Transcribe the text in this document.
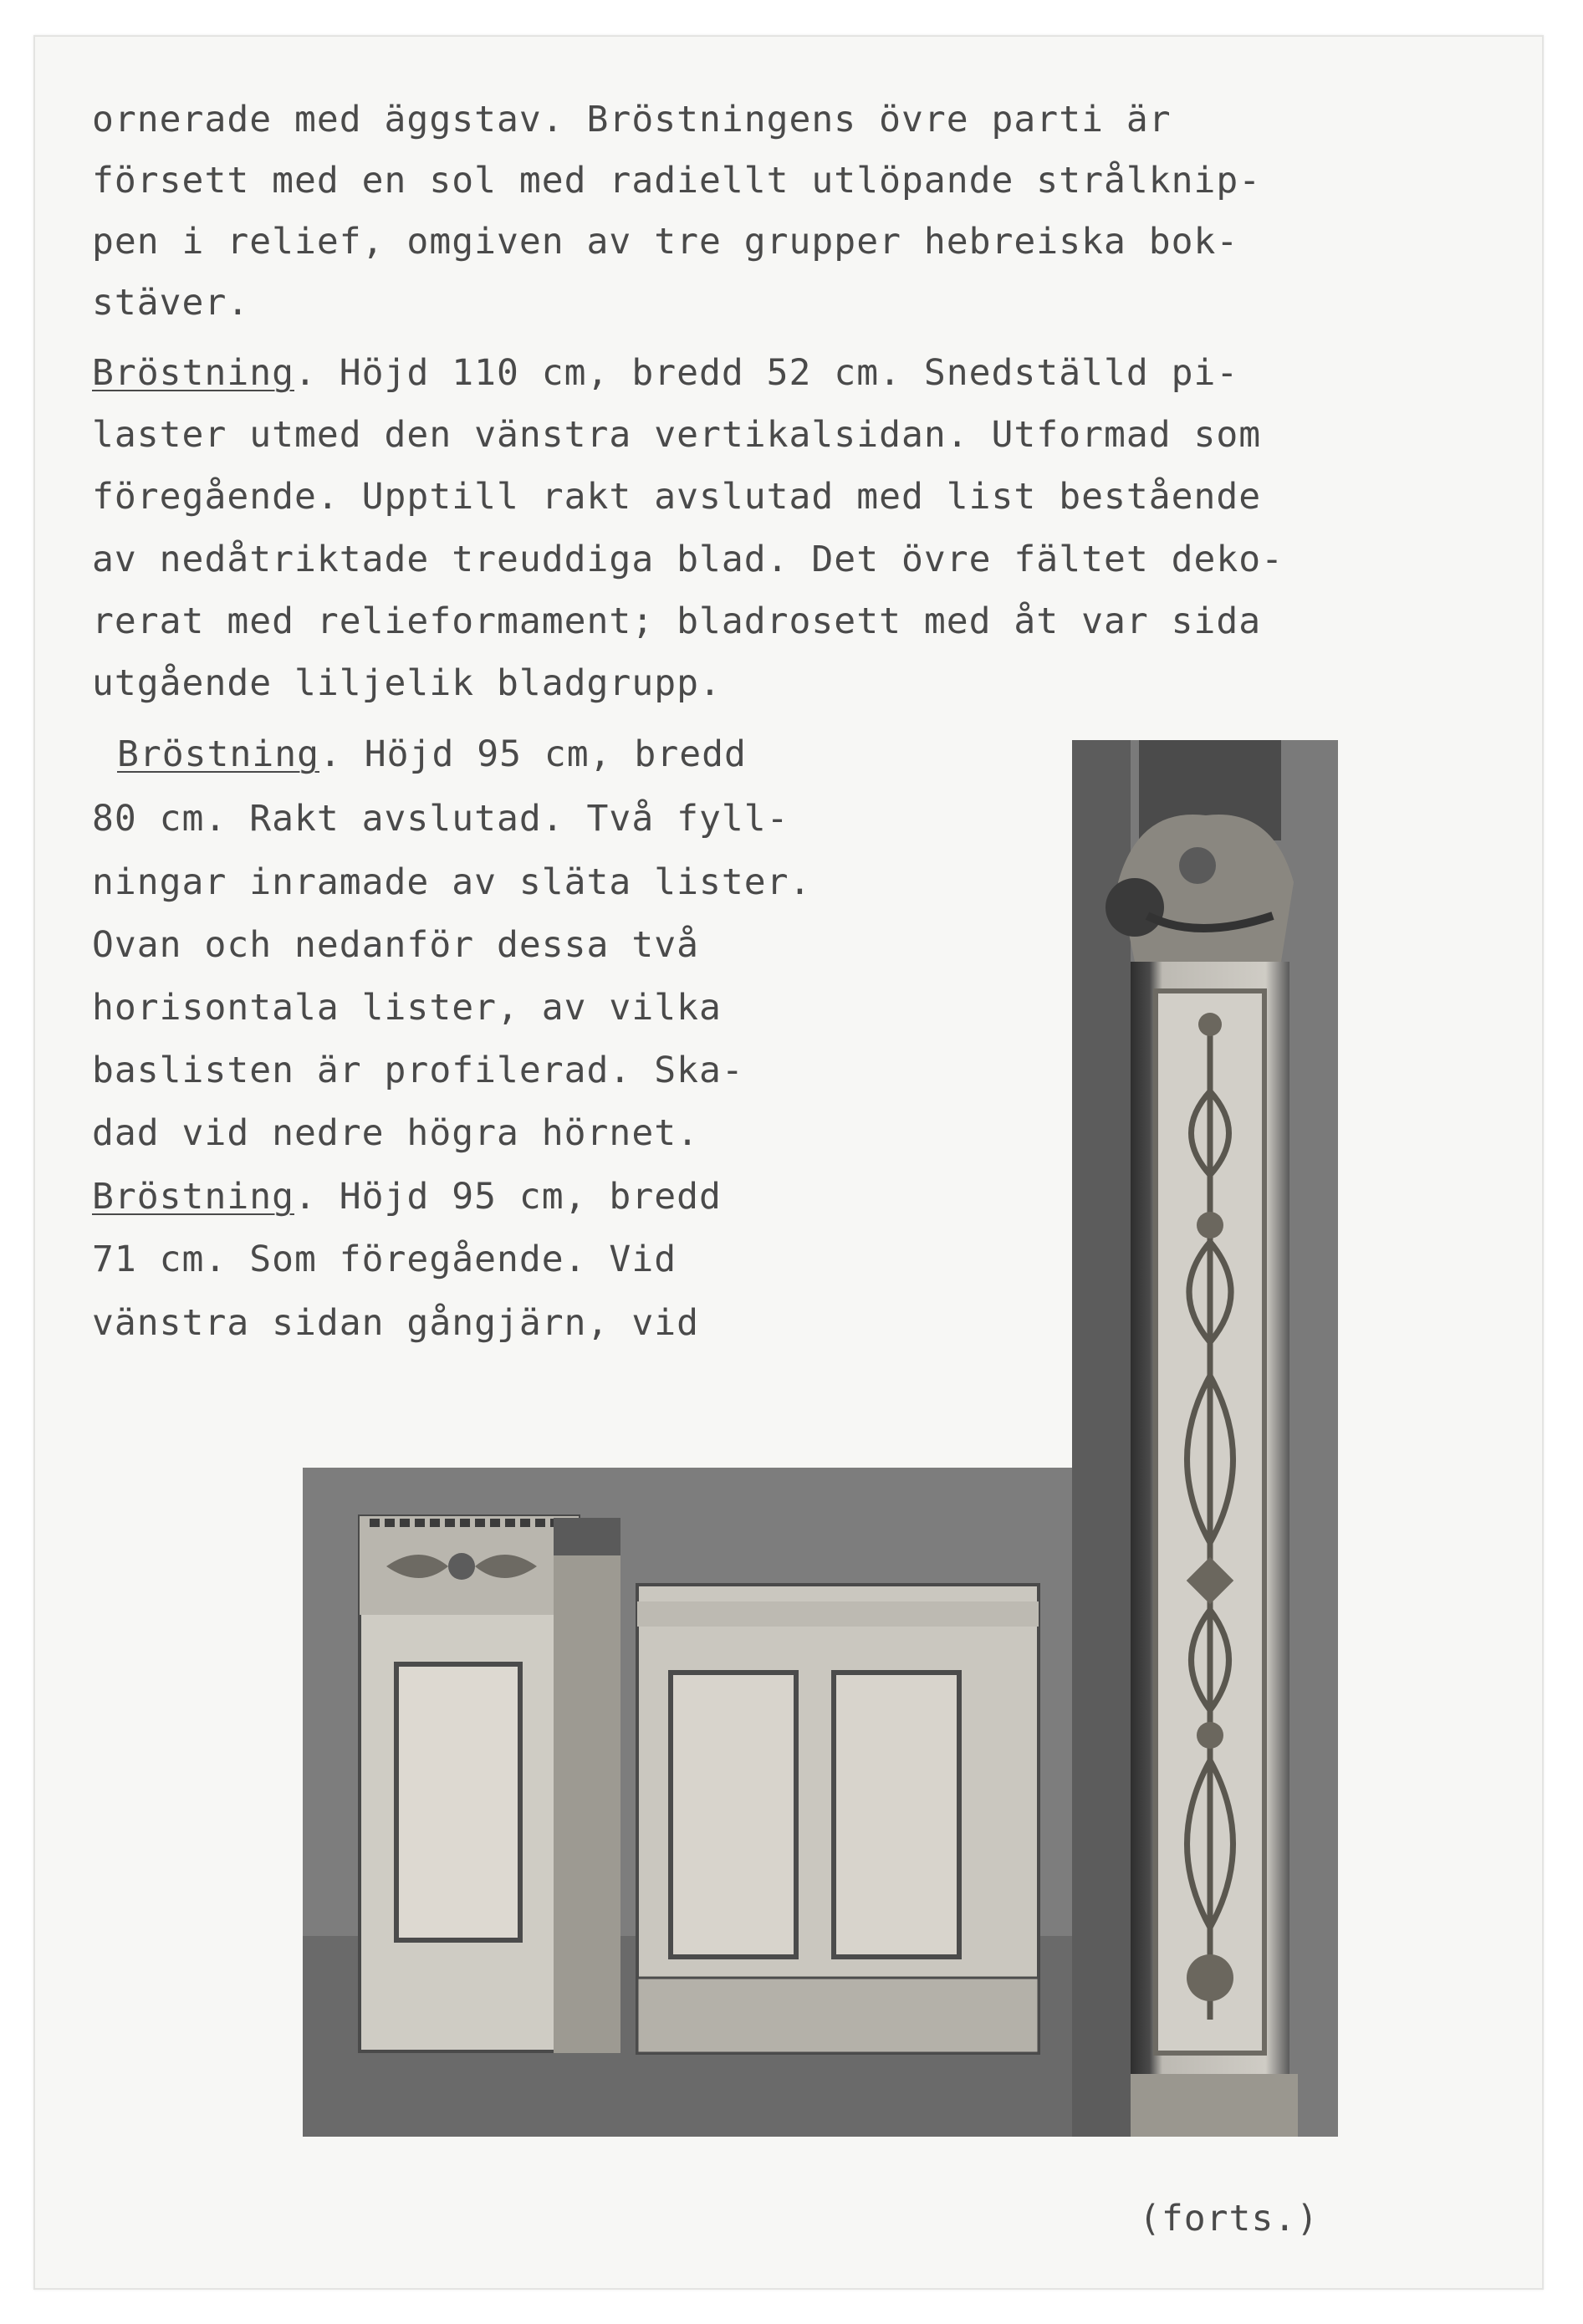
ornerade med äggstav. Bröstningens övre parti är
försett med en sol med radiellt utlöpande strålknip-
pen i relief, omgiven av tre grupper hebreiska bok-
stäver.
Bröstning. Höjd 110 cm, bredd 52 cm. Snedställd pi-
laster utmed den vänstra vertikalsidan. Utformad som
föregående. Upptill rakt avslutad med list bestående
av nedåtriktade treuddiga blad. Det övre fältet deko-
rerat med relieformament; bladrosett med åt var sida
utgående liljelik bladgrupp.
Bröstning. Höjd 95 cm, bredd
80 cm. Rakt avslutad. Två fyll-
ningar inramade av släta lister.
Ovan och nedanför dessa två
horisontala lister, av vilka
baslisten är profilerad. Ska-
dad vid nedre högra hörnet.
Bröstning. Höjd 95 cm, bredd
71 cm. Som föregående. Vid
vänstra sidan gångjärn, vid
(forts.)
